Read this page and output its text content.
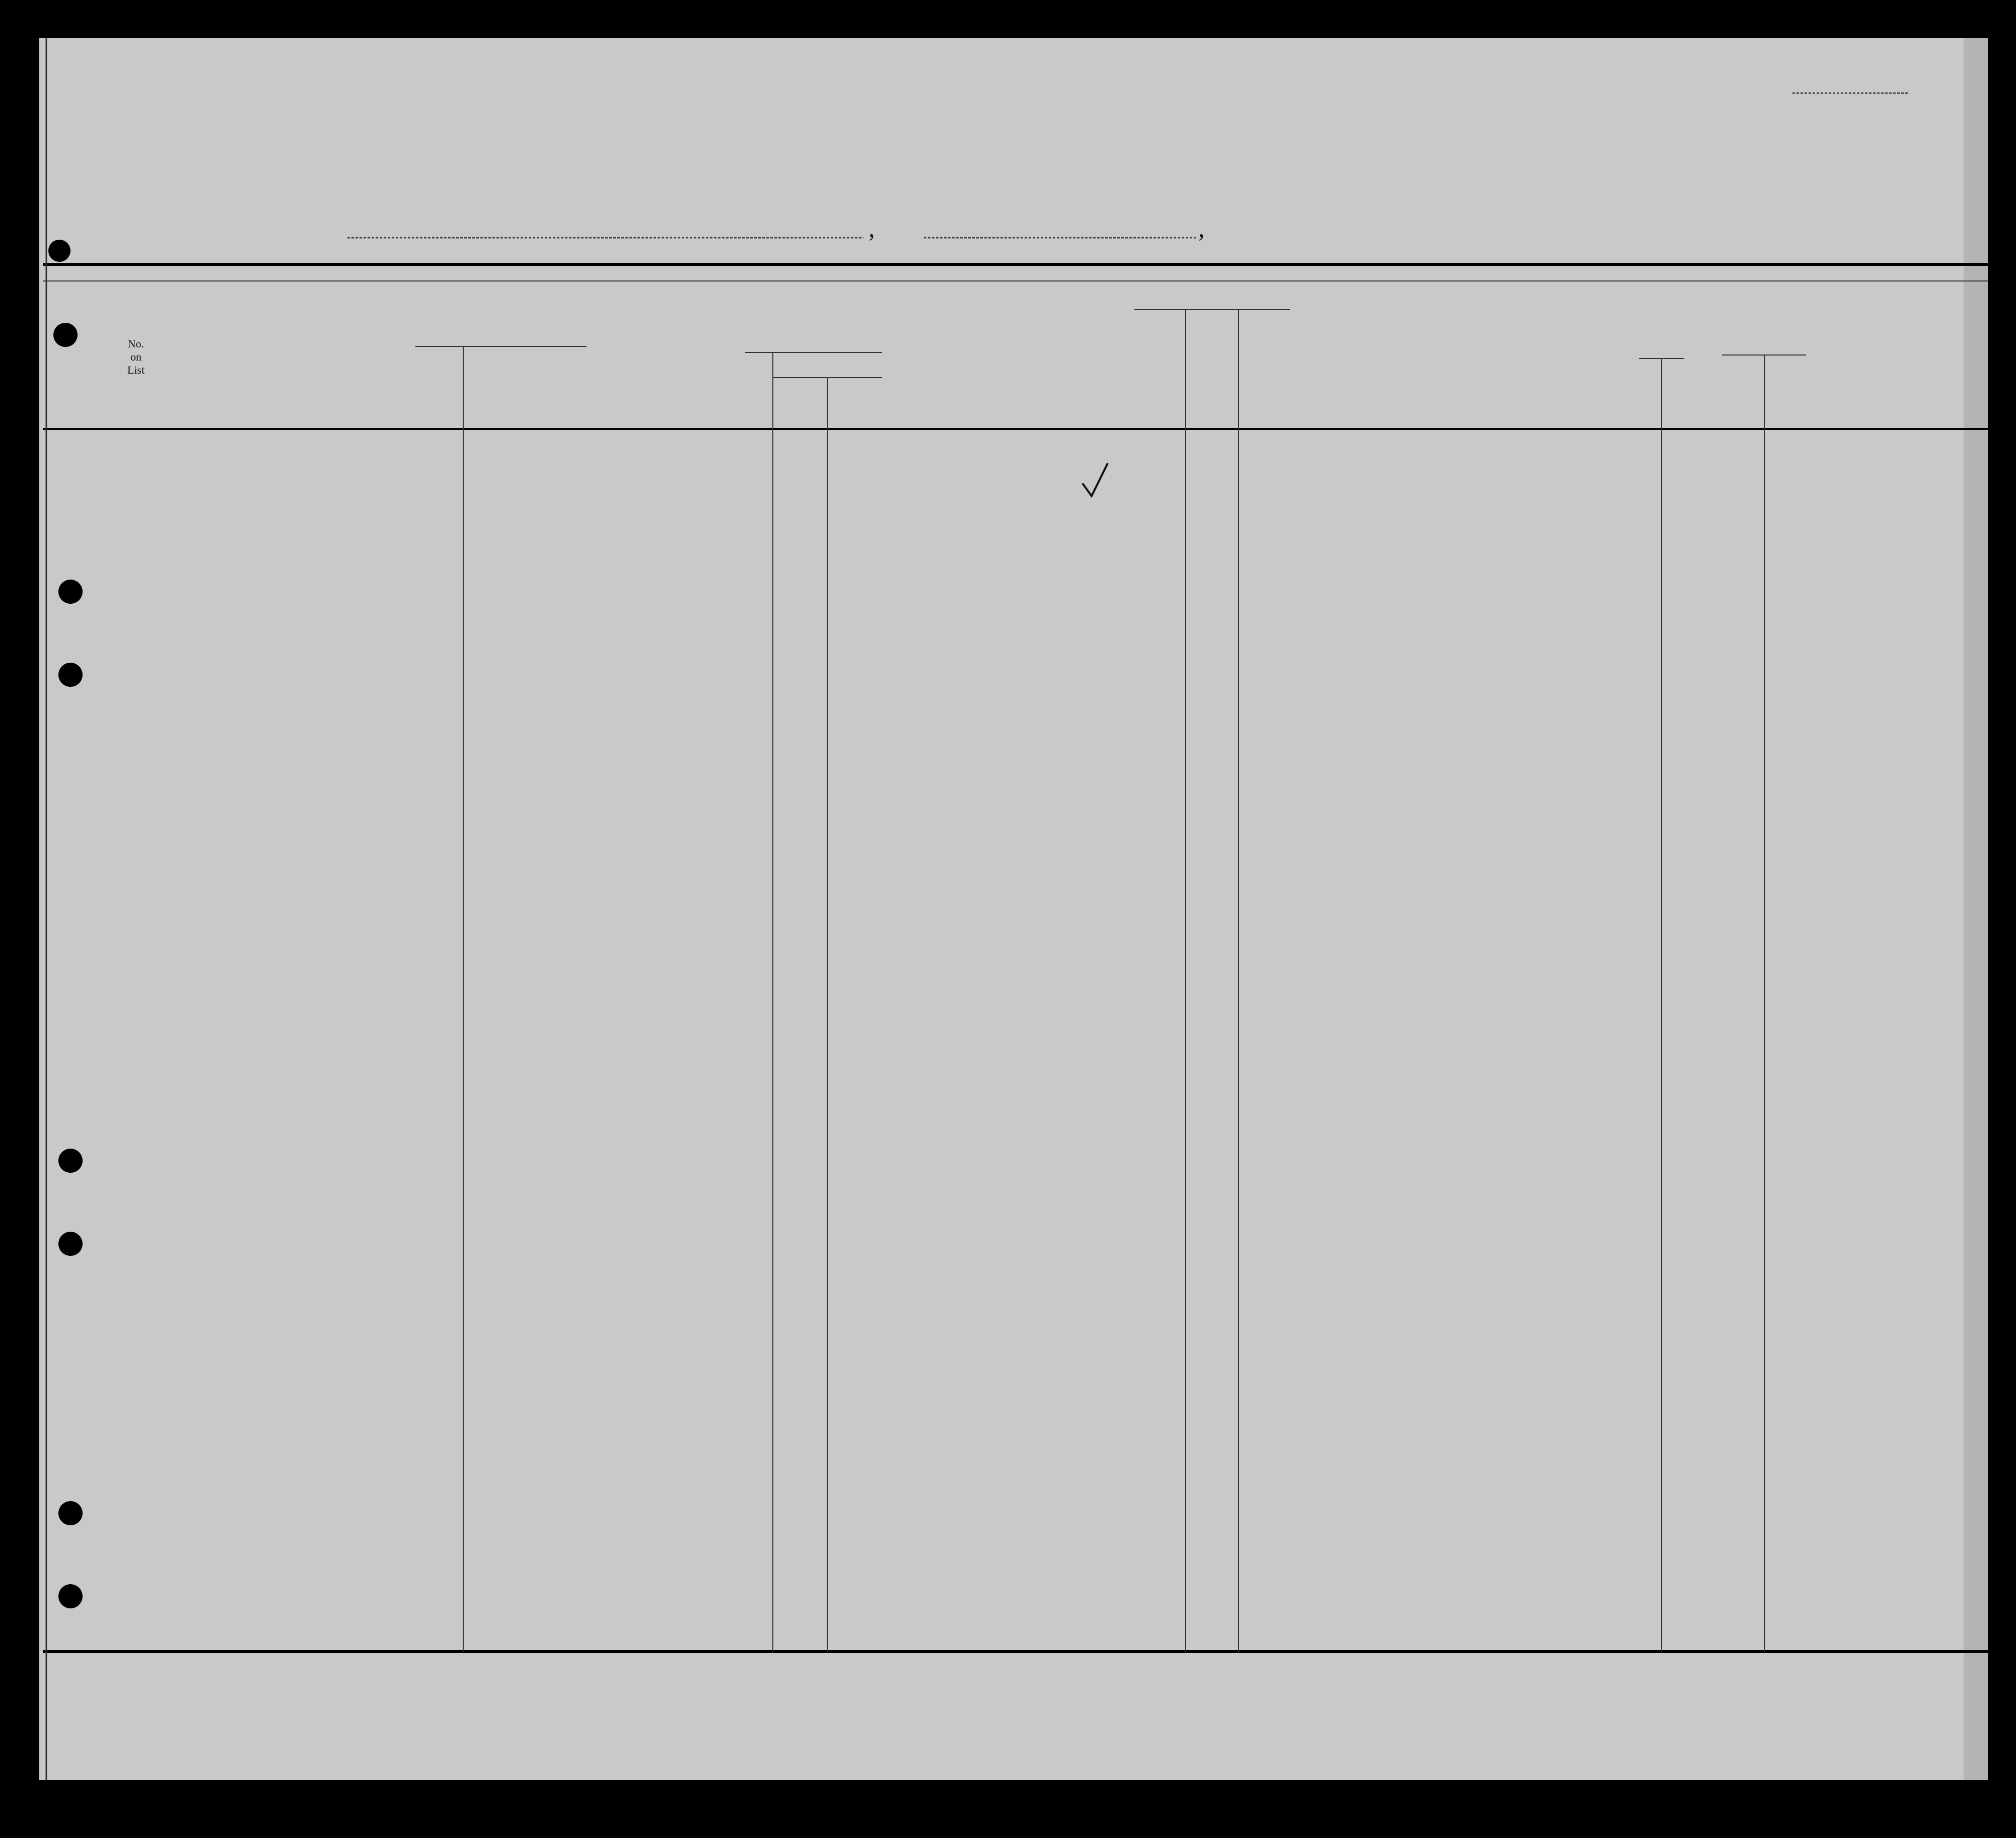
,	,
No.
on
List
